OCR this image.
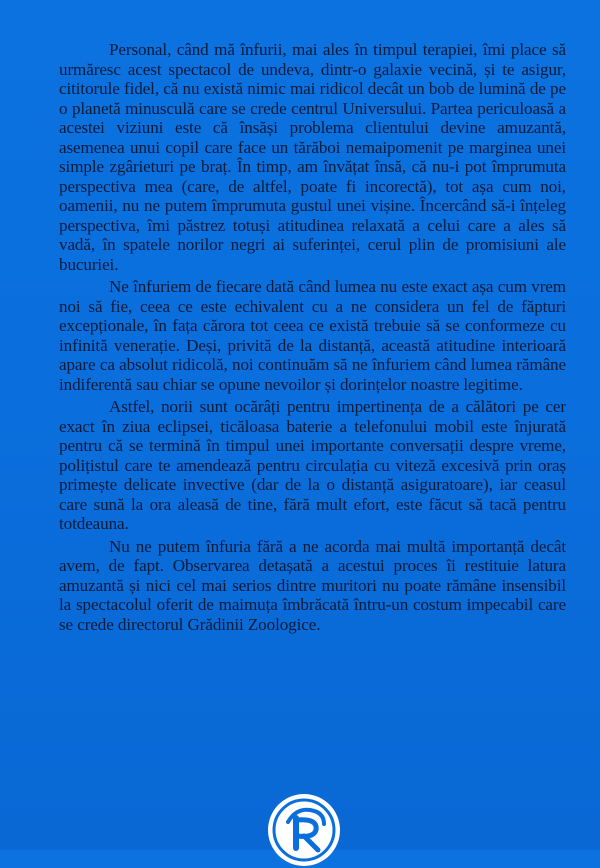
Personal, când mă înfurii, mai ales în timpul terapiei, îmi place să urmăresc acest spectacol de undeva, dintr-o galaxie vecină, și te asigur, cititorule fidel, că nu există nimic mai ridicol decât un bob de lumină de pe o planetă minusculă care se crede centrul Universului. Partea periculoasă a acestei viziuni este că însăși problema clientului devine amuzantă, asemenea unui copil care face un tărăboi nemaipomenit pe marginea unei simple zgârieturi pe braț. În timp, am învățat însă, că nu-i pot împrumuta perspectiva mea (care, de altfel, poate fi incorectă), tot așa cum noi, oamenii, nu ne putem împrumuta gustul unei vișine. Încercând să-i înțeleg perspectiva, îmi păstrez totuși atitudinea relaxată a celui care a ales să vadă, în spatele norilor negri ai suferinței, cerul plin de promisiuni ale bucuriei.

Ne înfuriem de fiecare dată când lumea nu este exact așa cum vrem noi să fie, ceea ce este echivalent cu a ne considera un fel de făpturi excepționale, în fața cărora tot ceea ce există trebuie să se conformeze cu infinită venerație. Deși, privită de la distanță, această atitudine interioară apare ca absolut ridicolă, noi continuăm să ne înfuriem când lumea rămâne indiferentă sau chiar se opune nevoilor și dorințelor noastre legitime.

Astfel, norii sunt ocărâți pentru impertinența de a călători pe cer exact în ziua eclipsei, ticăloasa baterie a telefonului mobil este înjurată pentru că se termină în timpul unei importante conversații despre vreme, polițistul care te amendează pentru circulația cu viteză excesivă prin oraș primește delicate invective (dar de la o distanță asiguratoare), iar ceasul care sună la ora aleasă de tine, fără mult efort, este făcut să tacă pentru totdeauna.

Nu ne putem înfuria fără a ne acorda mai multă importanță decât avem, de fapt. Observarea detașată a acestui proces îi restituie latura amuzantă și nici cel mai serios dintre muritori nu poate rămâne insensibil la spectacolul oferit de maimuța îmbrăcată întru-un costum impecabil care se crede directorul Grădinii Zoologice.
